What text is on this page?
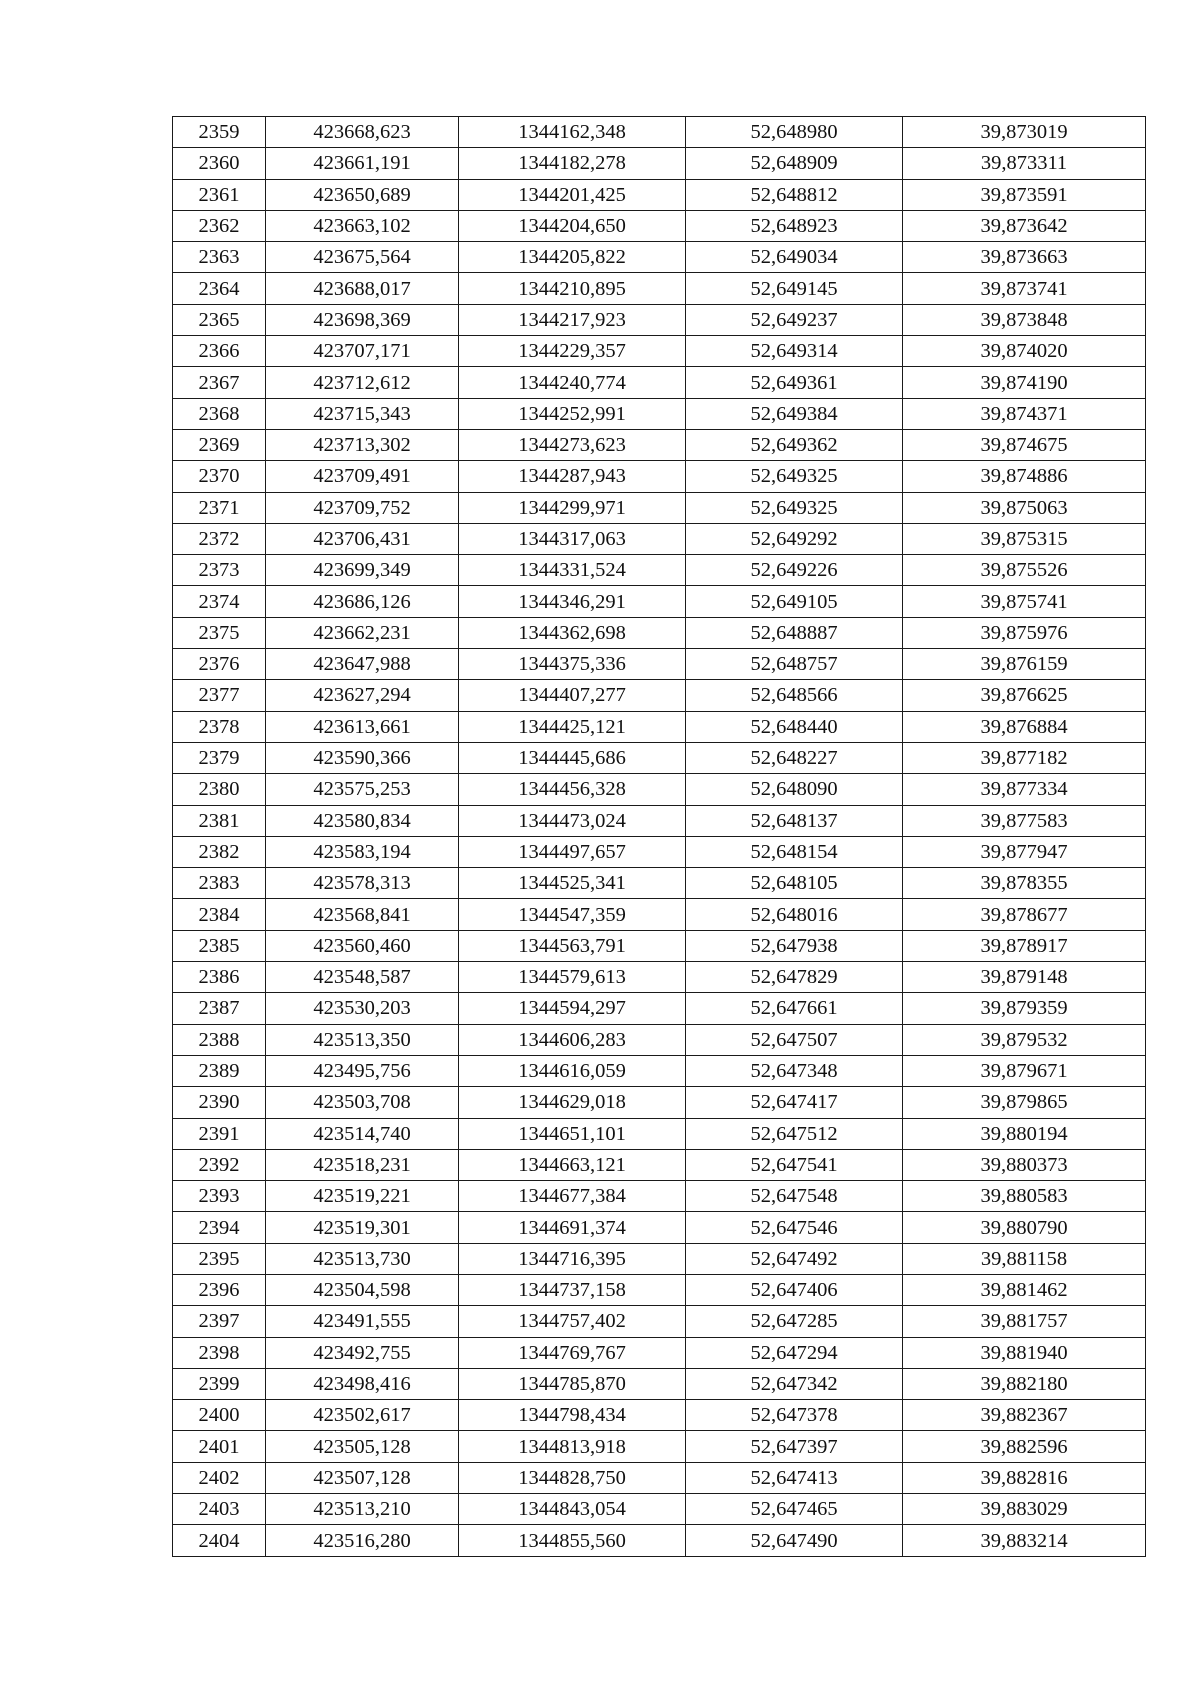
2359	423668,623	1344162,348	52,648980	39,873019
2360	423661,191	1344182,278	52,648909	39,873311
2361	423650,689	1344201,425	52,648812	39,873591
2362	423663,102	1344204,650	52,648923	39,873642
2363	423675,564	1344205,822	52,649034	39,873663
2364	423688,017	1344210,895	52,649145	39,873741
2365	423698,369	1344217,923	52,649237	39,873848
2366	423707,171	1344229,357	52,649314	39,874020
2367	423712,612	1344240,774	52,649361	39,874190
2368	423715,343	1344252,991	52,649384	39,874371
2369	423713,302	1344273,623	52,649362	39,874675
2370	423709,491	1344287,943	52,649325	39,874886
2371	423709,752	1344299,971	52,649325	39,875063
2372	423706,431	1344317,063	52,649292	39,875315
2373	423699,349	1344331,524	52,649226	39,875526
2374	423686,126	1344346,291	52,649105	39,875741
2375	423662,231	1344362,698	52,648887	39,875976
2376	423647,988	1344375,336	52,648757	39,876159
2377	423627,294	1344407,277	52,648566	39,876625
2378	423613,661	1344425,121	52,648440	39,876884
2379	423590,366	1344445,686	52,648227	39,877182
2380	423575,253	1344456,328	52,648090	39,877334
2381	423580,834	1344473,024	52,648137	39,877583
2382	423583,194	1344497,657	52,648154	39,877947
2383	423578,313	1344525,341	52,648105	39,878355
2384	423568,841	1344547,359	52,648016	39,878677
2385	423560,460	1344563,791	52,647938	39,878917
2386	423548,587	1344579,613	52,647829	39,879148
2387	423530,203	1344594,297	52,647661	39,879359
2388	423513,350	1344606,283	52,647507	39,879532
2389	423495,756	1344616,059	52,647348	39,879671
2390	423503,708	1344629,018	52,647417	39,879865
2391	423514,740	1344651,101	52,647512	39,880194
2392	423518,231	1344663,121	52,647541	39,880373
2393	423519,221	1344677,384	52,647548	39,880583
2394	423519,301	1344691,374	52,647546	39,880790
2395	423513,730	1344716,395	52,647492	39,881158
2396	423504,598	1344737,158	52,647406	39,881462
2397	423491,555	1344757,402	52,647285	39,881757
2398	423492,755	1344769,767	52,647294	39,881940
2399	423498,416	1344785,870	52,647342	39,882180
2400	423502,617	1344798,434	52,647378	39,882367
2401	423505,128	1344813,918	52,647397	39,882596
2402	423507,128	1344828,750	52,647413	39,882816
2403	423513,210	1344843,054	52,647465	39,883029
2404	423516,280	1344855,560	52,647490	39,883214
